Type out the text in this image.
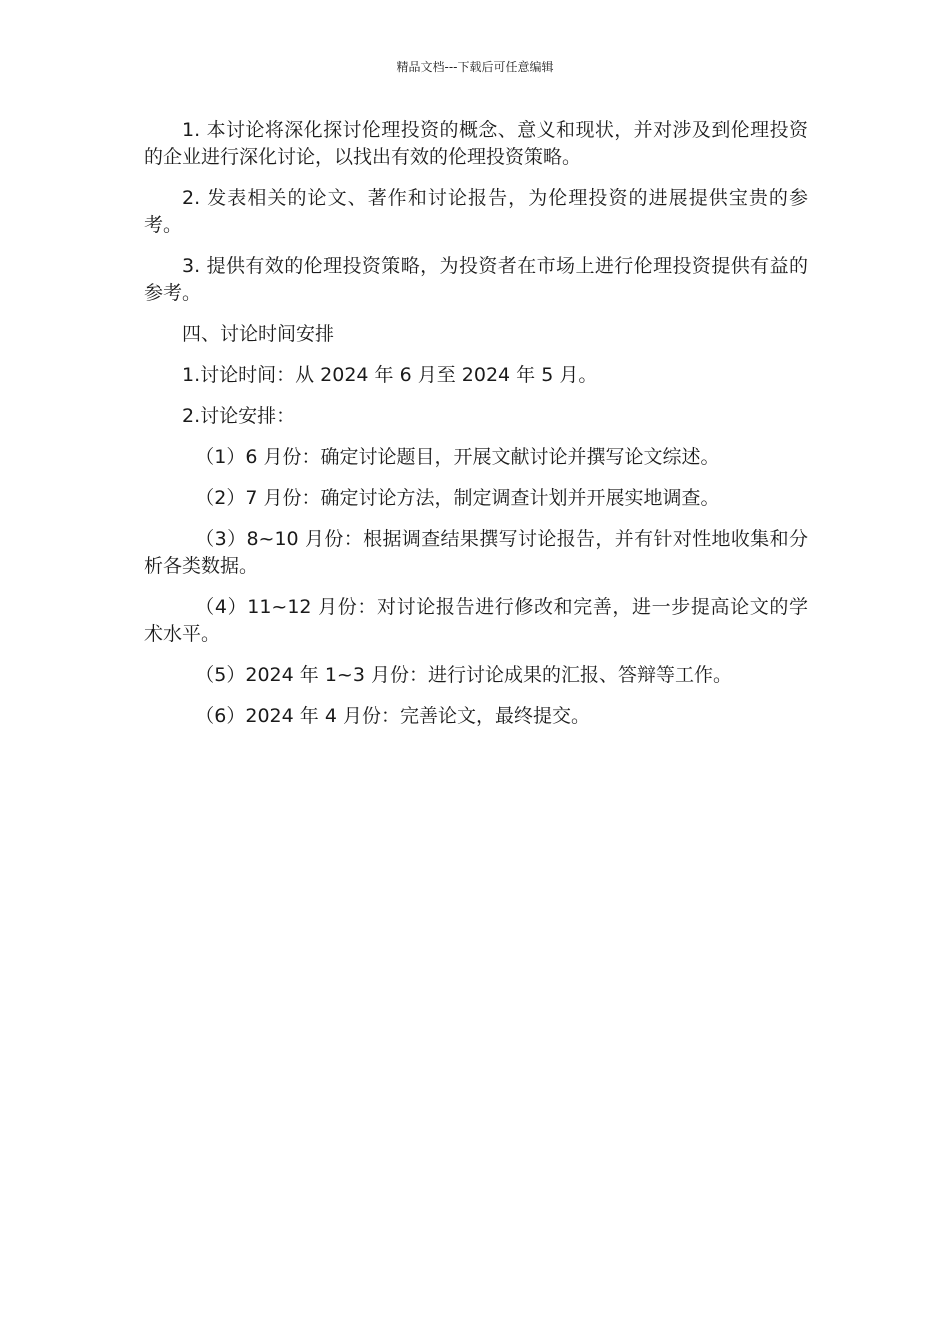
精品文档---下载后可任意编辑

1. 本讨论将深化探讨伦理投资的概念、意义和现状，并对涉及到伦理投资的企业进行深化讨论，以找出有效的伦理投资策略。

2. 发表相关的论文、著作和讨论报告，为伦理投资的进展提供宝贵的参考。

3. 提供有效的伦理投资策略，为投资者在市场上进行伦理投资提供有益的参考。

四、讨论时间安排

1.讨论时间：从 2024 年 6 月至 2024 年 5 月。

2.讨论安排：

（1）6 月份：确定讨论题目，开展文献讨论并撰写论文综述。

（2）7 月份：确定讨论方法，制定调查计划并开展实地调查。

（3）8~10 月份：根据调查结果撰写讨论报告，并有针对性地收集和分析各类数据。

（4）11~12 月份：对讨论报告进行修改和完善，进一步提高论文的学术水平。

（5）2024 年 1~3 月份：进行讨论成果的汇报、答辩等工作。

（6）2024 年 4 月份：完善论文，最终提交。
